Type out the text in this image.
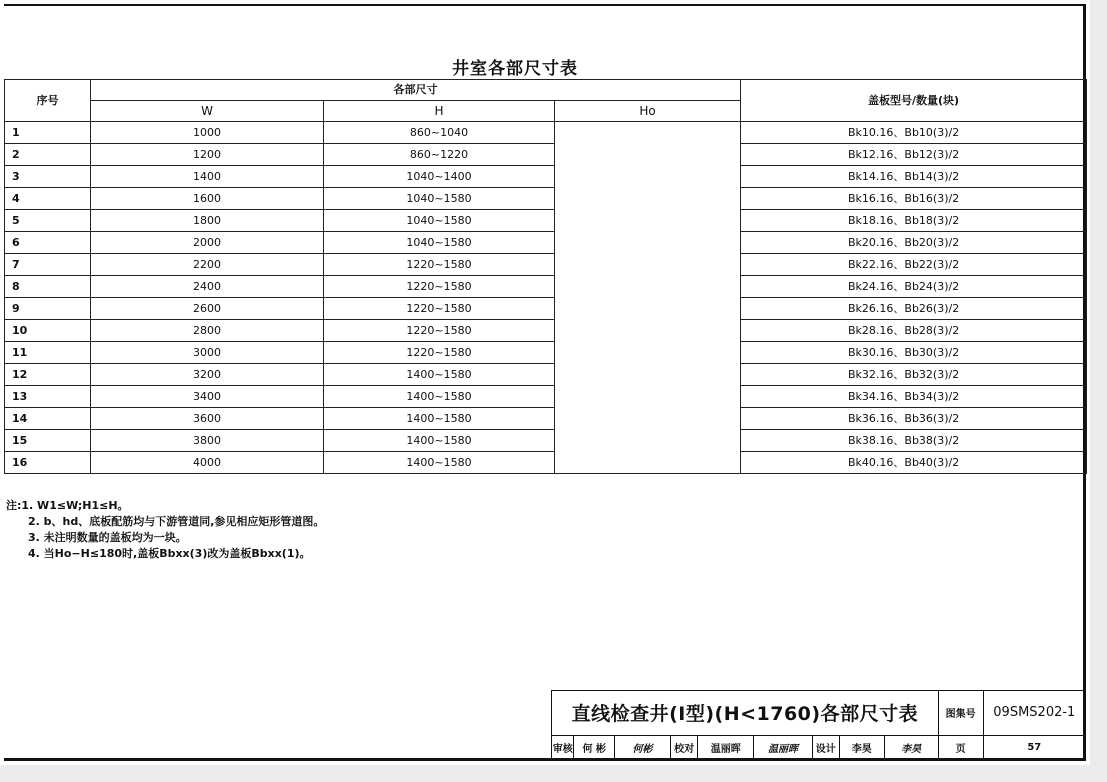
井室各部尺寸表
序号	各部尺寸			盖板型号/数量(块)
	W	H	Ho	
1	1000	860~1040		Bk10.16、Bb10(3)/2
2	1200	860~1220		Bk12.16、Bb12(3)/2
3	1400	1040~1400		Bk14.16、Bb14(3)/2
4	1600	1040~1580		Bk16.16、Bb16(3)/2
5	1800	1040~1580		Bk18.16、Bb18(3)/2
6	2000	1040~1580		Bk20.16、Bb20(3)/2
7	2200	1220~1580		Bk22.16、Bb22(3)/2
8	2400	1220~1580		Bk24.16、Bb24(3)/2
9	2600	1220~1580		Bk26.16、Bb26(3)/2
10	2800	1220~1580		Bk28.16、Bb28(3)/2
11	3000	1220~1580		Bk30.16、Bb30(3)/2
12	3200	1400~1580		Bk32.16、Bb32(3)/2
13	3400	1400~1580		Bk34.16、Bb34(3)/2
14	3600	1400~1580		Bk36.16、Bb36(3)/2
15	3800	1400~1580		Bk38.16、Bb38(3)/2
16	4000	1400~1580		Bk40.16、Bb40(3)/2
注:1. W1≤W;H1≤H。
2. b、hd、底板配筋均与下游管道同,参见相应矩形管道图。
3. 未注明数量的盖板均为一块。
4. 当Ho−H≤180时,盖板Bbxx(3)改为盖板Bbxx(1)。
直线检查井(Ⅰ型)(H<1760)各部尺寸表									图集号	09SMS202-1
审核	何 彬	何彬	校对	温丽晖	温丽晖	设计	李昊	李昊	页	57
